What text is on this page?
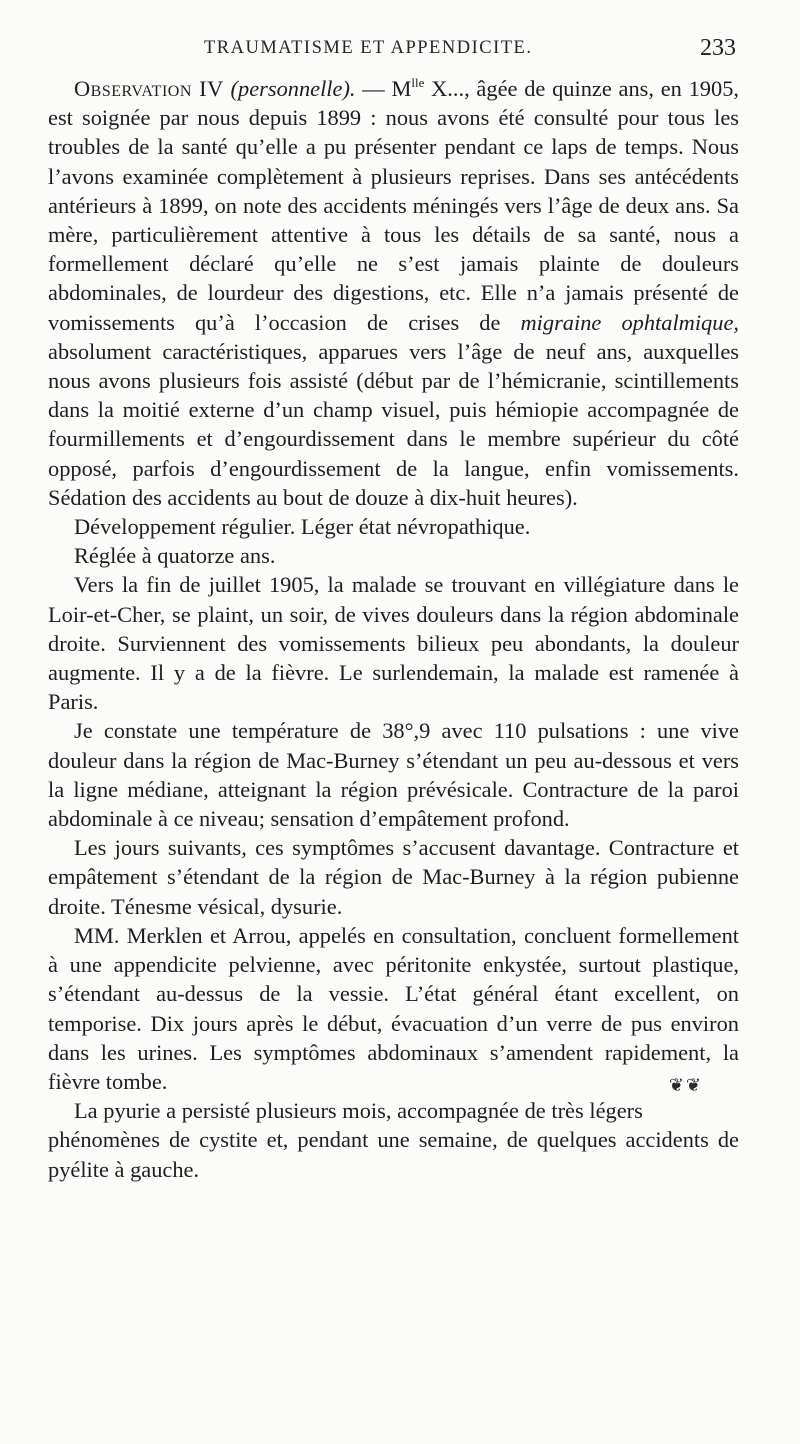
TRAUMATISME ET APPENDICITE.	233

Observation IV (personnelle). — $M^{lle}$ X..., âgée de quinze ans, en 1905, est soignée par nous depuis 1899 : nous avons été consulté pour tous les troubles de la santé qu’elle a pu présenter pendant ce laps de temps. Nous l’avons examinée complètement à plusieurs reprises. Dans ses antécédents antérieurs à 1899, on note des accidents méningés vers l’âge de deux ans. Sa mère, particulièrement attentive à tous les détails de sa santé, nous a formellement déclaré qu’elle ne s’est jamais plainte de douleurs abdominales, de lourdeur des digestions, etc. Elle n’a jamais présenté de vomissements qu’à l’occasion de crises de migraine ophtalmique, absolument caractéristiques, apparues vers l’âge de neuf ans, auxquelles nous avons plusieurs fois assisté (début par de l’hémicranie, scintillements dans la moitié externe d’un champ visuel, puis hémiopie accompagnée de fourmillements et d’engourdissement dans le membre supérieur du côté opposé, parfois d’engourdissement de la langue, enfin vomissements. Sédation des accidents au bout de douze à dix-huit heures).

Développement régulier. Léger état névropathique.

Réglée à quatorze ans.

Vers la fin de juillet 1905, la malade se trouvant en villégiature dans le Loir-et-Cher, se plaint, un soir, de vives douleurs dans la région abdominale droite. Surviennent des vomissements bilieux peu abondants, la douleur augmente. Il y a de la fièvre. Le surlendemain, la malade est ramenée à Paris.

Je constate une température de 38°,9 avec 110 pulsations : une vive douleur dans la région de Mac-Burney s’étendant un peu au-dessous et vers la ligne médiane, atteignant la région prévésicale. Contracture de la paroi abdominale à ce niveau; sensation d’empâtement profond.

Les jours suivants, ces symptômes s’accusent davantage. Contracture et empâtement s’étendant de la région de Mac-Burney à la région pubienne droite. Ténesme vésical, dysurie.

MM. Merklen et Arrou, appelés en consultation, concluent formellement à une appendicite pelvienne, avec péritonite enkystée, surtout plastique, s’étendant au-dessus de la vessie. L’état général étant excellent, on temporise. Dix jours après le début, évacuation d’un verre de pus environ dans les urines. Les symptômes abdominaux s’amendent rapidement, la fièvre tombe.	❦❦

La pyurie a persisté plusieurs mois, accompagnée de très légers phénomènes de cystite et, pendant une semaine, de quelques accidents de pyélite à gauche.
